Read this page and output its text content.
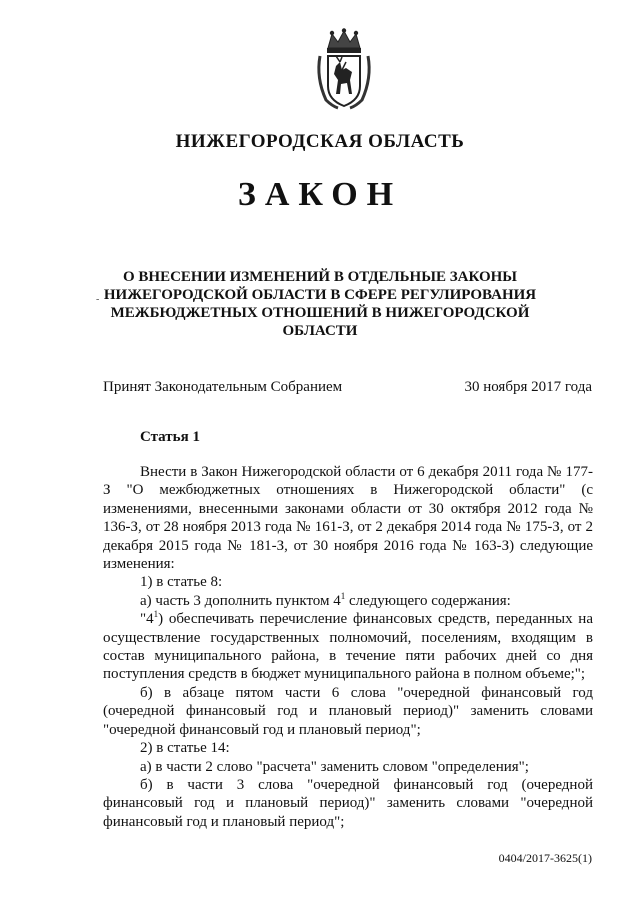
НИЖЕГОРОДСКАЯ ОБЛАСТЬ
ЗАКОН
-
О ВНЕСЕНИИ ИЗМЕНЕНИЙ В ОТДЕЛЬНЫЕ ЗАКОНЫ НИЖЕГОРОДСКОЙ ОБЛАСТИ В СФЕРЕ РЕГУЛИРОВАНИЯ МЕЖБЮДЖЕТНЫХ ОТНОШЕНИЙ В НИЖЕГОРОДСКОЙ ОБЛАСТИ
Принят Законодательным Собранием	30 ноября 2017 года
Статья 1

Внести в Закон Нижегородской области от 6 декабря 2011 года № 177-З "О межбюджетных отношениях в Нижегородской области" (с изменениями, внесенными законами области от 30 октября 2012 года № 136-З, от 28 ноября 2013 года № 161-З, от 2 декабря 2014 года № 175-З, от 2 декабря 2015 года № 181-З, от 30 ноября 2016 года № 163-З) следующие изменения:

1) в статье 8:

а) часть 3 дополнить пунктом $4^1$ следующего содержания:

"$4^1$) обеспечивать перечисление финансовых средств, переданных на осуществление государственных полномочий, поселениям, входящим в состав муниципального района, в течение пяти рабочих дней со дня поступления средств в бюджет муниципального района в полном объеме;";

б) в абзаце пятом части 6 слова "очередной финансовый год (очередной финансовый год и плановый период)" заменить словами "очередной финансовый год и плановый период";

2) в статье 14:

а) в части 2 слово "расчета" заменить словом "определения";

б) в части 3 слова "очередной финансовый год (очередной финансовый год и плановый период)" заменить словами "очередной финансовый год и плановый период";

0404/2017-3625(1)
